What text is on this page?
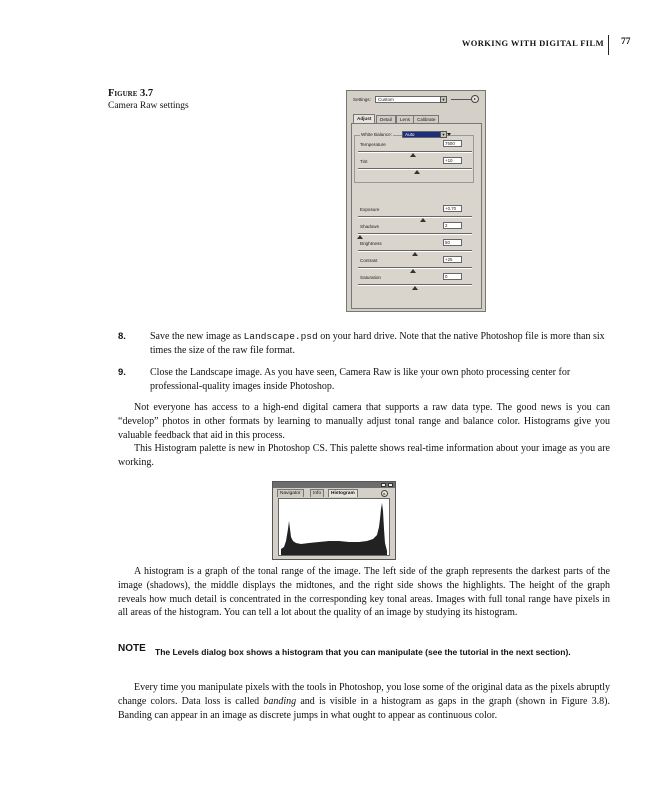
WORKING WITH DIGITAL FILM 77
Figure 3.7
Camera Raw settings
Settings: Custom	▼	▸
Adjust	Detail	Lens	Calibrate
White Balance:	Auto	▼
Temperature	7500
Tint	+10
Exposure	+0.70
Shadows	2
Brightness	50
Contrast	+25
Saturation	0
8. Save the new image as Landscape.psd on your hard drive. Note that the native Photoshop file is more than six times the size of the raw file format.
9. Close the Landscape image. As you have seen, Camera Raw is like your own photo processing center for professional-quality images inside Photoshop.
Not everyone has access to a high-end digital camera that supports a raw data type. The good news is you can “develop” photos in other formats by learning to manually adjust tonal range and balance color. Histograms give you valuable feedback that aid in this process.
This Histogram palette is new in Photoshop CS. This palette shows real-time information about your image as you are working.
Navigator	Info	Histogram	▸
A histogram is a graph of the tonal range of the image. The left side of the graph represents the darkest parts of the image (shadows), the middle displays the midtones, and the right side shows the highlights. The height of the graph reveals how much detail is concentrated in the corresponding key tonal areas. Images with full tonal range have pixels in all areas of the histogram. You can tell a lot about the quality of an image by studying its histogram.
NOTE	The Levels dialog box shows a histogram that you can manipulate (see the tutorial in the next section).
Every time you manipulate pixels with the tools in Photoshop, you lose some of the original data as the pixels abruptly change colors. Data loss is called banding and is visible in a histogram as gaps in the graph (shown in Figure 3.8). Banding can appear in an image as discrete jumps in what ought to appear as continuous color.
